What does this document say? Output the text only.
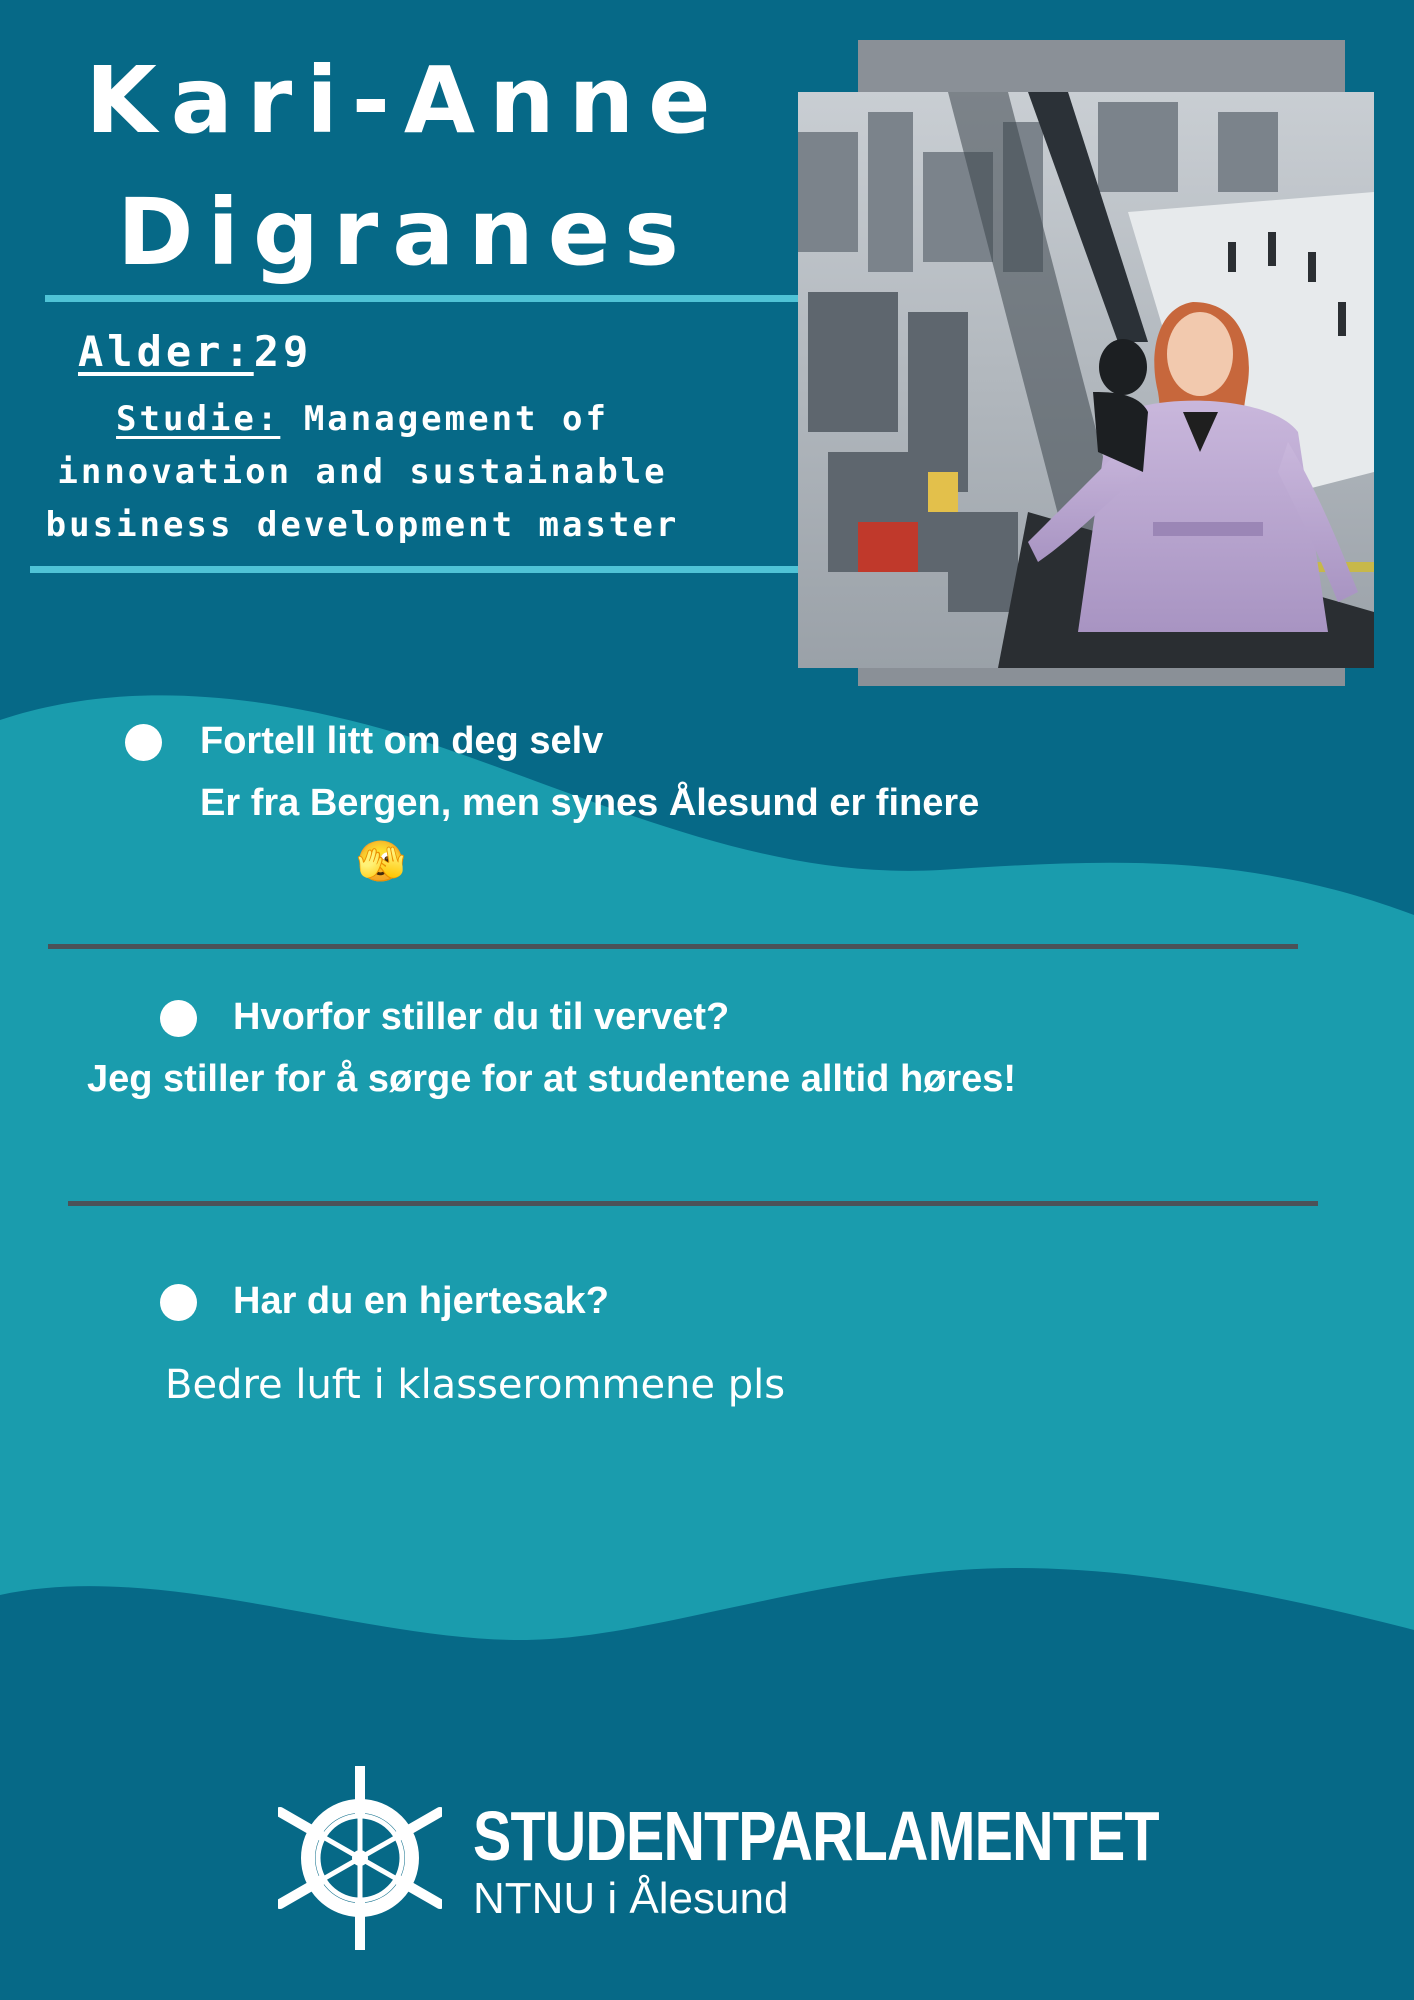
Kari-Anne
Digranes
Alder:29
Studie: Management of
innovation and sustainable
business development master
Fortell litt om deg selv
Er fra Bergen, men synes Ålesund er finere
🫣
Hvorfor stiller du til vervet?
Jeg stiller for å sørge for at studentene alltid høres!
Har du en hjertesak?
Bedre luft i klasserommene pls
STUDENTPARLAMENTET
NTNU i Ålesund
